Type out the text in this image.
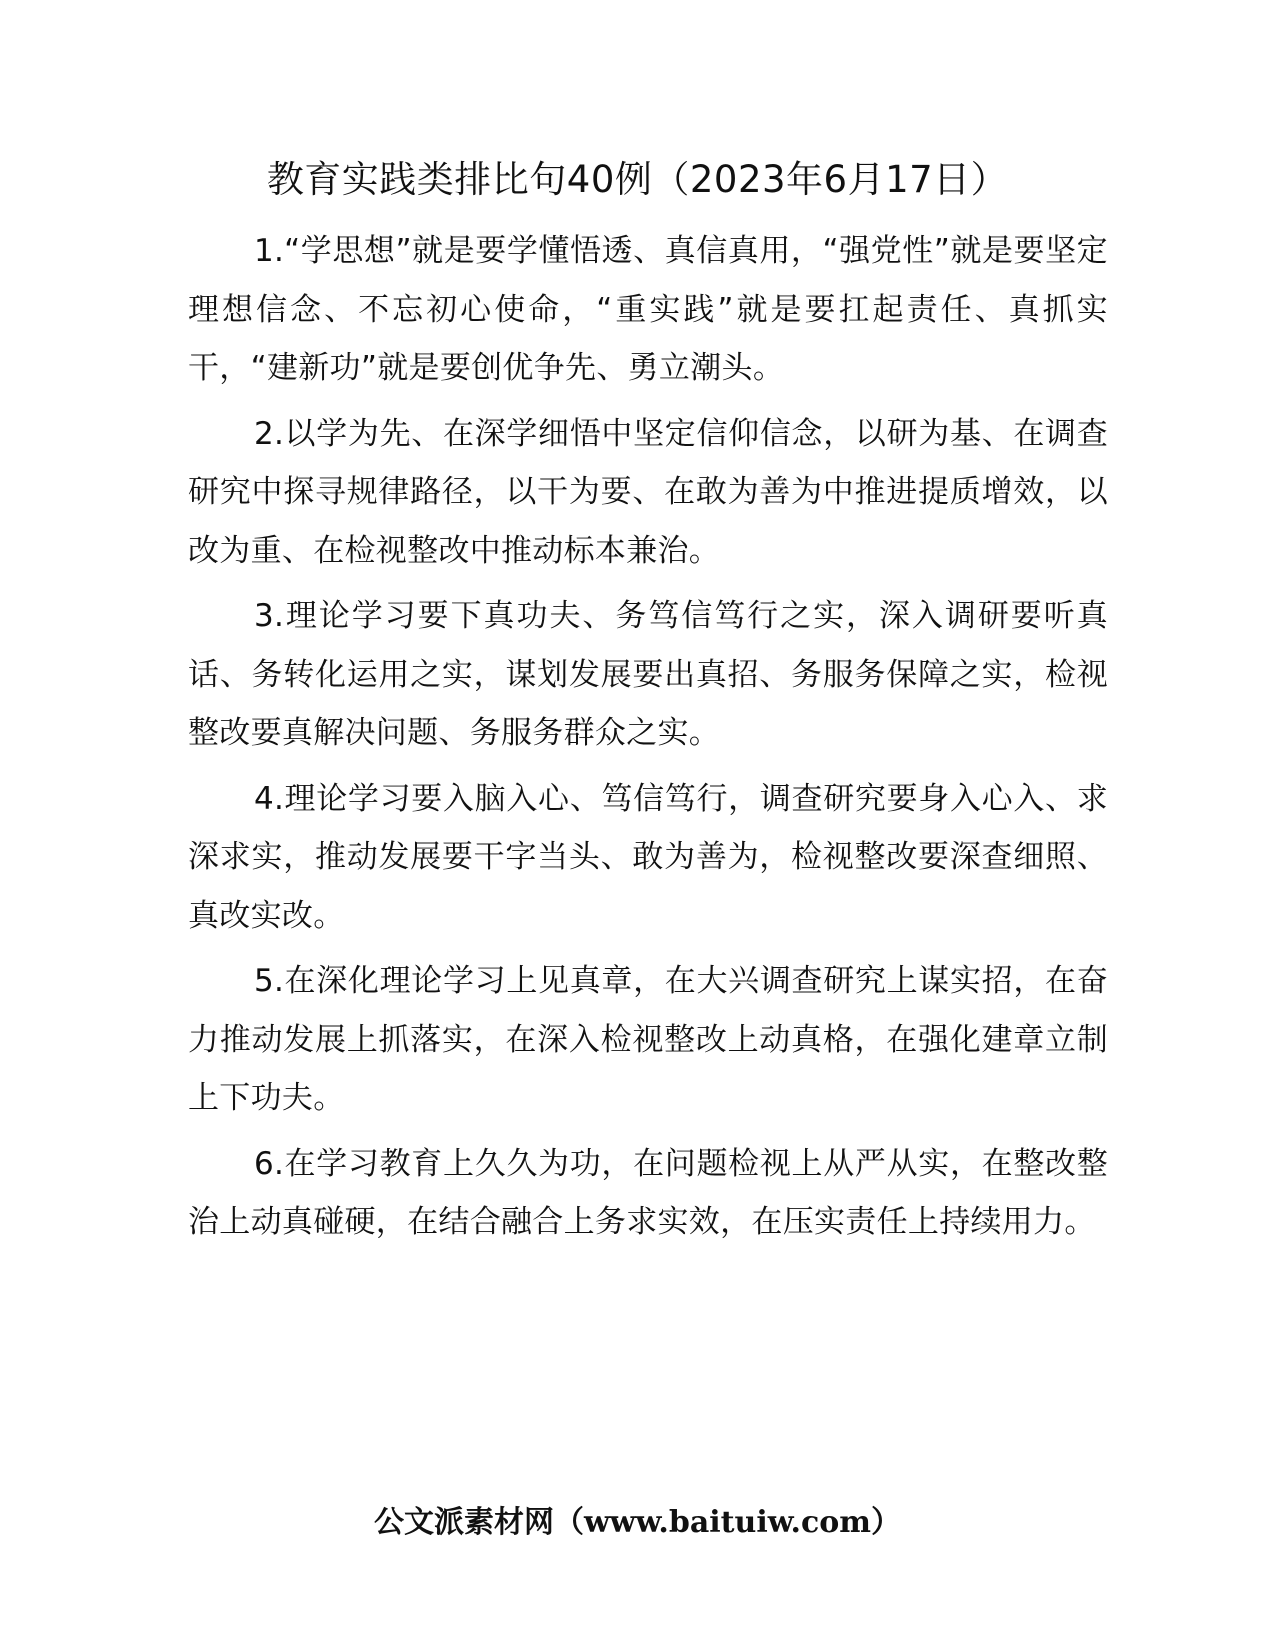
教育实践类排比句40例（2023年6月17日）

1.“学思想”就是要学懂悟透、真信真用，“强党性”就是要坚定理想信念、不忘初心使命，“重实践”就是要扛起责任、真抓实干，“建新功”就是要创优争先、勇立潮头。

2.以学为先、在深学细悟中坚定信仰信念，以研为基、在调查研究中探寻规律路径，以干为要、在敢为善为中推进提质增效，以改为重、在检视整改中推动标本兼治。

3.理论学习要下真功夫、务笃信笃行之实，深入调研要听真话、务转化运用之实，谋划发展要出真招、务服务保障之实，检视整改要真解决问题、务服务群众之实。

4.理论学习要入脑入心、笃信笃行，调查研究要身入心入、求深求实，推动发展要干字当头、敢为善为，检视整改要深查细照、真改实改。

5.在深化理论学习上见真章，在大兴调查研究上谋实招，在奋力推动发展上抓落实，在深入检视整改上动真格，在强化建章立制上下功夫。

6.在学习教育上久久为功，在问题检视上从严从实，在整改整治上动真碰硬，在结合融合上务求实效，在压实责任上持续用力。

公文派素材网（www.baituiw.com）
